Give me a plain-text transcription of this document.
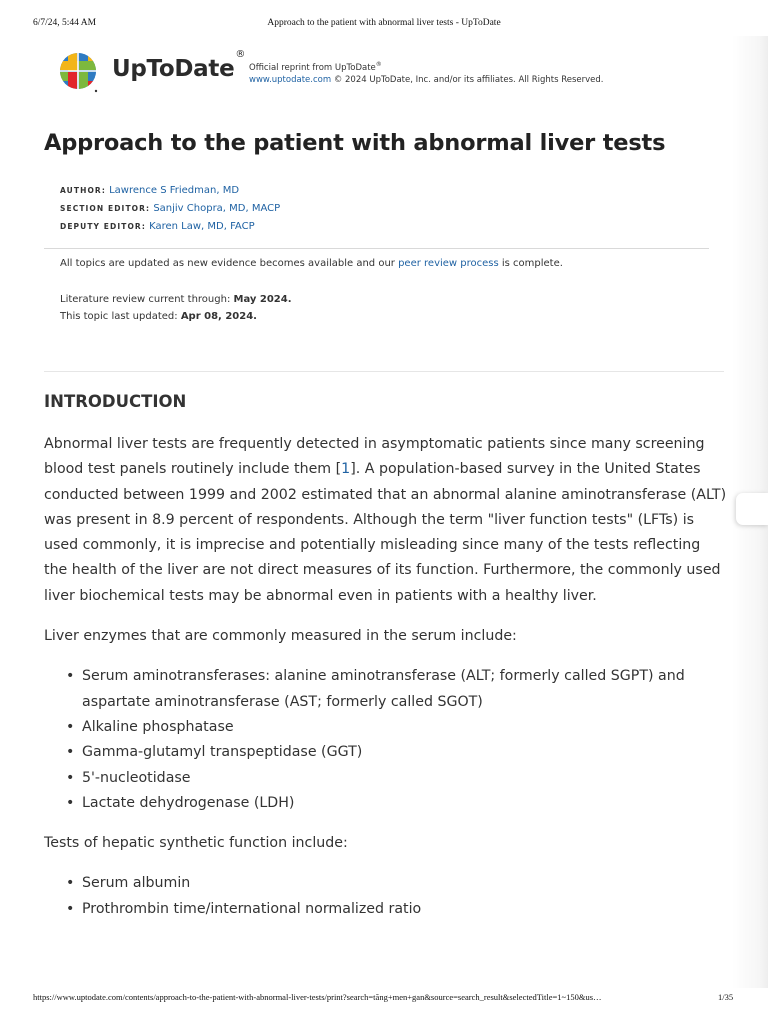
6/7/24, 5:44 AM	Approach to the patient with abnormal liver tests - UpToDate
UpToDate®
Official reprint from UpToDate®
www.uptodate.com © 2024 UpToDate, Inc. and/or its affiliates. All Rights Reserved.
Approach to the patient with abnormal liver tests
AUTHOR: Lawrence S Friedman, MD
SECTION EDITOR: Sanjiv Chopra, MD, MACP
DEPUTY EDITOR: Karen Law, MD, FACP
All topics are updated as new evidence becomes available and our peer review process is complete.
Literature review current through: May 2024.
This topic last updated: Apr 08, 2024.
INTRODUCTION

Abnormal liver tests are frequently detected in asymptomatic patients since many screening blood test panels routinely include them [1]. A population-based survey in the United States conducted between 1999 and 2002 estimated that an abnormal alanine aminotransferase (ALT) was present in 8.9 percent of respondents. Although the term "liver function tests" (LFTs) is used commonly, it is imprecise and potentially misleading since many of the tests reflecting the health of the liver are not direct measures of its function. Furthermore, the commonly used liver biochemical tests may be abnormal even in patients with a healthy liver.

Liver enzymes that are commonly measured in the serum include:

• Serum aminotransferases: alanine aminotransferase (ALT; formerly called SGPT) and aspartate aminotransferase (AST; formerly called SGOT)
• Alkaline phosphatase
• Gamma-glutamyl transpeptidase (GGT)
• 5'-nucleotidase
• Lactate dehydrogenase (LDH)

Tests of hepatic synthetic function include:

• Serum albumin
• Prothrombin time/international normalized ratio
https://www.uptodate.com/contents/approach-to-the-patient-with-abnormal-liver-tests/print?search=tăng+men+gan&source=search_result&selectedTitle=1~150&us…	1/35
